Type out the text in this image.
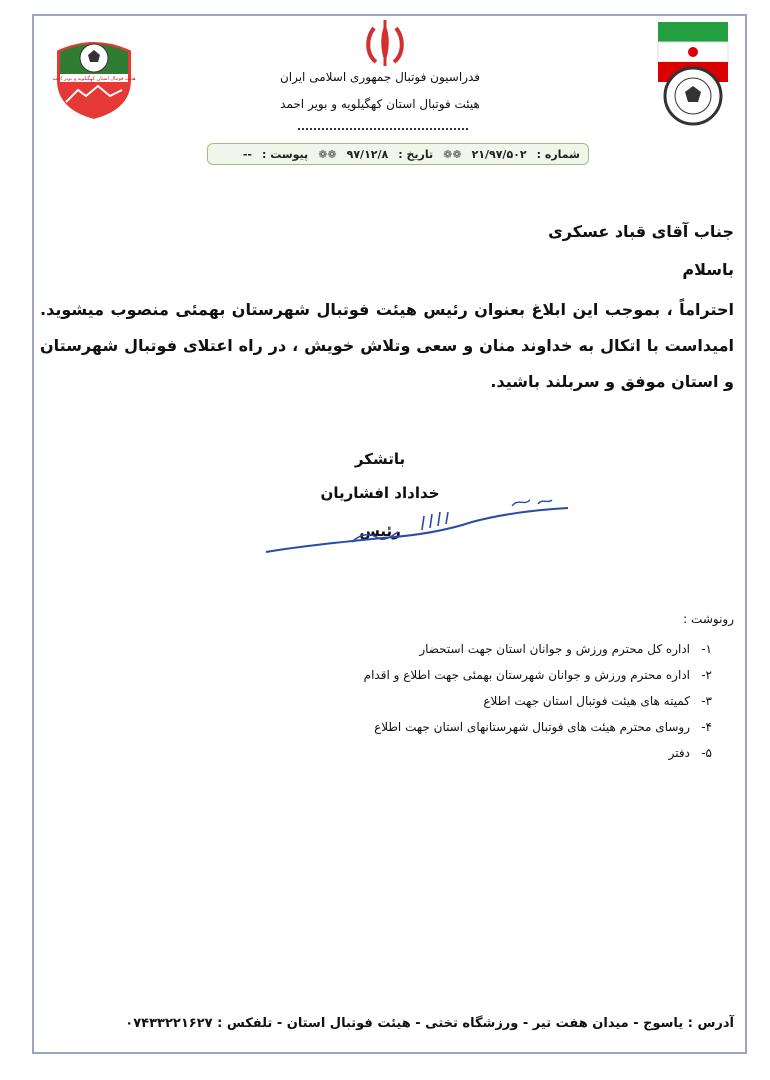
هیئت فوتبال استان کهگیلویه و بویر احمد	فدراسیون فوتبال جمهوری اسلامی ایران
هیئت فوتبال استان کهگیلویه و بویر احمد
شماره :
۲۱/۹۷/۵۰۲
❁❁
تاریخ :
۹۷/۱۲/۸
❁❁
پیوست :
--
جناب آقای قباد عسکری
باسلام
احتراماً ، بموجب این ابلاغ بعنوان رئیس هیئت فوتبال شهرستان بهمئی منصوب میشوید. امیداست با اتکال به خداوند منان و سعی وتلاش خویش ، در راه اعتلای فوتبال شهرستان و استان موفق و سربلند باشید.
باتشکر
خداداد افشاریان
رئیس
رونوشت :
۱-اداره کل محترم ورزش و جوانان استان جهت استحضار
۲-اداره محترم ورزش و جوانان شهرستان بهمئی جهت اطلاع و اقدام
۳-کمیته های هیئت فوتبال استان جهت اطلاع
۴-روسای محترم هیئت های فوتبال شهرستانهای استان جهت اطلاع
۵-دفتر
آدرس : یاسوج - میدان هفت تیر - ورزشگاه تختی - هیئت فوتبال استان - تلفکس : ۰۷۴۳۳۲۲۱۶۲۷
